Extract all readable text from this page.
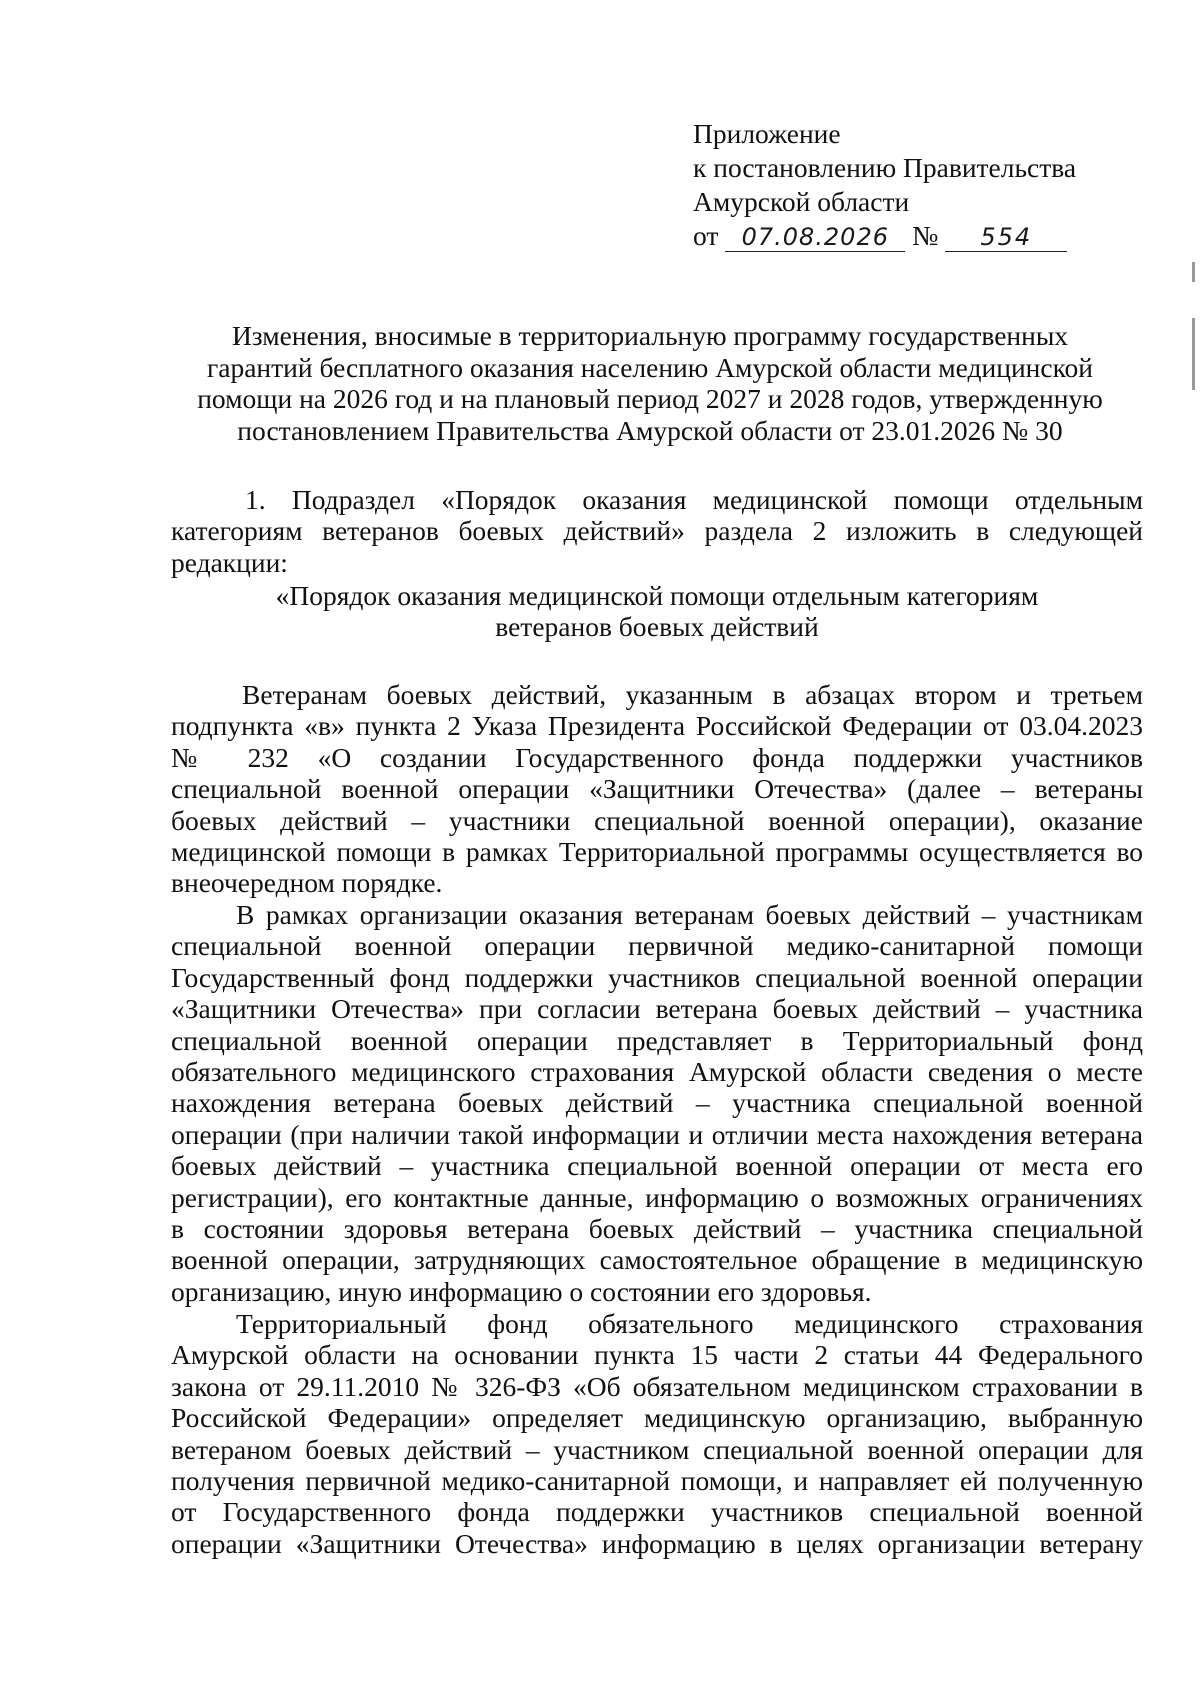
Приложение
к постановлению Правительства
Амурской области
от 07.08.2026 № 554
Изменения, вносимые в территориальную программу государственных
гарантий бесплатного оказания населению Амурской области медицинской
помощи на 2026 год и на плановый период 2027 и 2028 годов, утвержденную
постановлением Правительства Амурской области от 23.01.2026 № 30
1. Подраздел «Порядок оказания медицинской помощи отдельным
категориям ветеранов боевых действий» раздела 2 изложить в следующей
редакции:
«Порядок оказания медицинской помощи отдельным категориям
ветеранов боевых действий
Ветеранам боевых действий, указанным в абзацах втором и третьем
подпункта «в» пункта 2 Указа Президента Российской Федерации от 03.04.2023
№ 232 «О создании Государственного фонда поддержки участников
специальной военной операции «Защитники Отечества» (далее – ветераны
боевых действий – участники специальной военной операции), оказание
медицинской помощи в рамках Территориальной программы осуществляется во
внеочередном порядке.
В рамках организации оказания ветеранам боевых действий – участникам
специальной военной операции первичной медико-санитарной помощи
Государственный фонд поддержки участников специальной военной операции
«Защитники Отечества» при согласии ветерана боевых действий – участника
специальной военной операции представляет в Территориальный фонд
обязательного медицинского страхования Амурской области сведения о месте
нахождения ветерана боевых действий – участника специальной военной
операции (при наличии такой информации и отличии места нахождения ветерана
боевых действий – участника специальной военной операции от места его
регистрации), его контактные данные, информацию о возможных ограничениях
в состоянии здоровья ветерана боевых действий – участника специальной
военной операции, затрудняющих самостоятельное обращение в медицинскую
организацию, иную информацию о состоянии его здоровья.
Территориальный фонд обязательного медицинского страхования
Амурской области на основании пункта 15 части 2 статьи 44 Федерального
закона от 29.11.2010 № 326-ФЗ «Об обязательном медицинском страховании в
Российской Федерации» определяет медицинскую организацию, выбранную
ветераном боевых действий – участником специальной военной операции для
получения первичной медико-санитарной помощи, и направляет ей полученную
от Государственного фонда поддержки участников специальной военной
операции «Защитники Отечества» информацию в целях организации ветерану
